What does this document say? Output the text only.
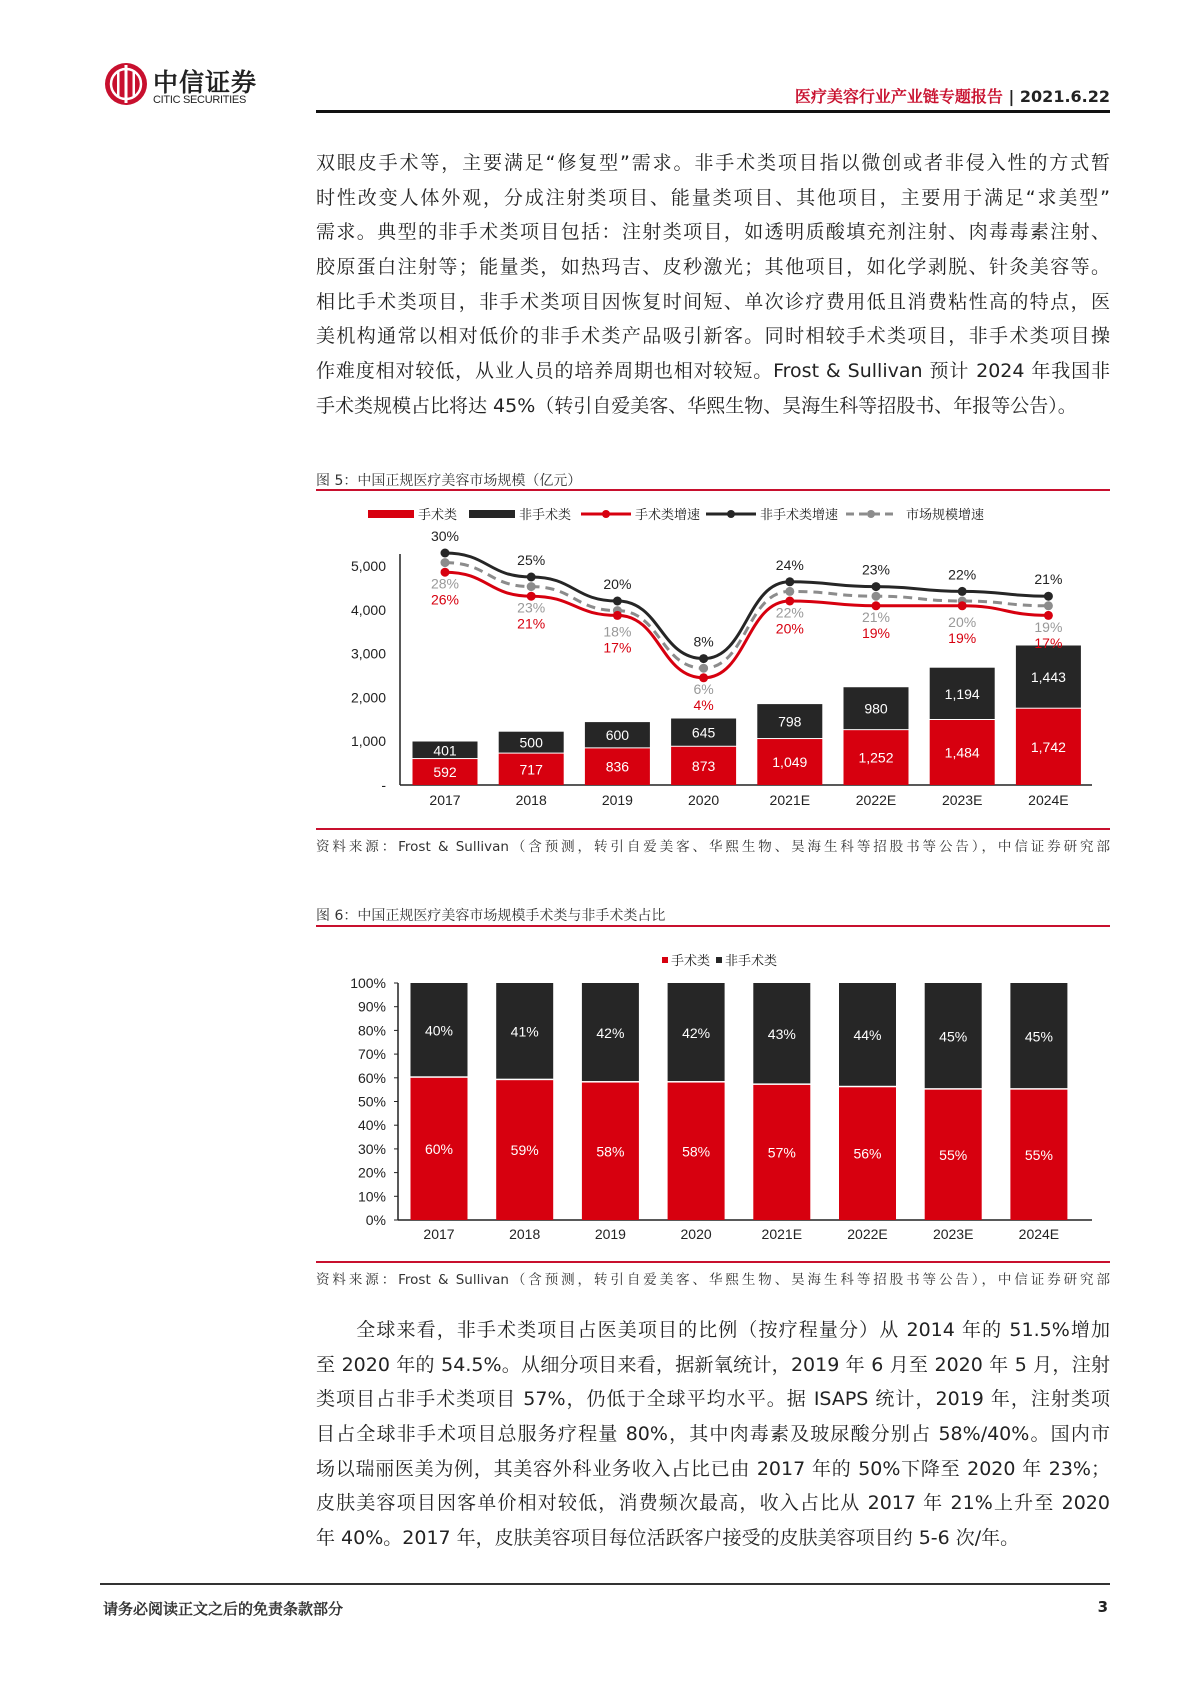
中信证券
CITIC SECURITIES	医疗美容行业产业链专题报告 | 2021.6.22
双眼皮手术等，主要满足“修复型”需求。非手术类项目指以微创或者非侵入性的方式暂
时性改变人体外观，分成注射类项目、能量类项目、其他项目，主要用于满足“求美型”
需求。典型的非手术类项目包括：注射类项目，如透明质酸填充剂注射、肉毒毒素注射、
胶原蛋白注射等；能量类，如热玛吉、皮秒激光；其他项目，如化学剥脱、针灸美容等。
相比手术类项目，非手术类项目因恢复时间短、单次诊疗费用低且消费粘性高的特点，医
美机构通常以相对低价的非手术类产品吸引新客。同时相较手术类项目，非手术类项目操
作难度相对较低，从业人员的培养周期也相对较短。Frost & Sullivan 预计 2024 年我国非
手术类规模占比将达 45%（转引自爱美客、华熙生物、昊海生科等招股书、年报等公告）。
图 5：中国正规医疗美容市场规模（亿元）
手术类	非手术类	手术类增速	非手术类增速	市场规模增速
5,000
4,000
3,000
2,000
1,000
-
592
401
2017
717
500
2018
836
600
2019
873
645
2020
1,049
798
2021E
1,252
980
2022E
1,484
1,194
2023E
1,742
1,443
2024E
30%
25%
20%
8%
24%	23%	22%	21%
28%
23%
18%
6%
22%	21%	20%	19%
26%
21%
17%
4%
20%	19%	19%	17%
资料来源：Frost & Sullivan（含预测，转引自爱美客、华熙生物、昊海生科等招股书等公告），中信证券研究部
图 6：中国正规医疗美容市场规模手术类与非手术类占比
手术类 非手术类
0%
10%
20%
30%
40%
50%
60%
70%
80%
90%
100%
60%
40%
2017
59%
41%
2018
58%
42%
2019
58%
42%
2020
57%
43%
2021E
56%
44%
2022E
55%
45%
2023E
55%
45%
2024E
资料来源：Frost & Sullivan（含预测，转引自爱美客、华熙生物、昊海生科等招股书等公告），中信证券研究部
　　全球来看，非手术类项目占医美项目的比例（按疗程量分）从 2014 年的 51.5%增加
至 2020 年的 54.5%。从细分项目来看，据新氧统计，2019 年 6 月至 2020 年 5 月，注射
类项目占非手术类项目 57%，仍低于全球平均水平。据 ISAPS 统计，2019 年，注射类项
目占全球非手术项目总服务疗程量 80%，其中肉毒素及玻尿酸分别占 58%/40%。国内市
场以瑞丽医美为例，其美容外科业务收入占比已由 2017 年的 50%下降至 2020 年 23%；
皮肤美容项目因客单价相对较低，消费频次最高，收入占比从 2017 年 21%上升至 2020
年 40%。2017 年，皮肤美容项目每位活跃客户接受的皮肤美容项目约 5-6 次/年。
请务必阅读正文之后的免责条款部分	3
